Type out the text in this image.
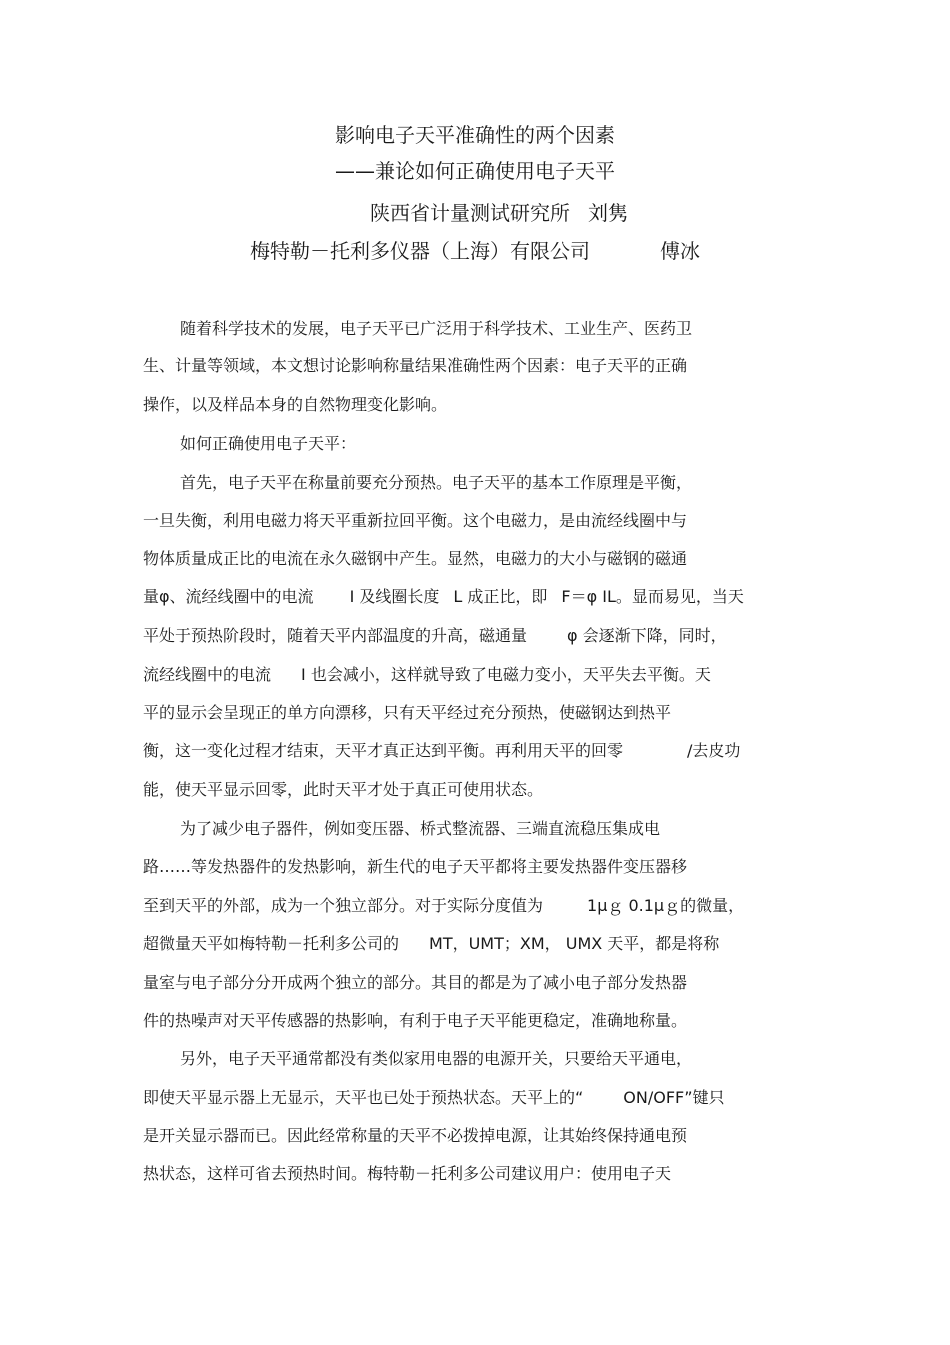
影响电子天平准确性的两个因素
——兼论如何正确使用电子天平
陕西省计量测试研究所 刘隽
梅特勒－托利多仪器（上海）有限公司	傅冰
随着科学技术的发展，电子天平已广泛用于科学技术、工业生产、医药卫
生、计量等领域，本文想讨论影响称量结果准确性两个因素：电子天平的正确
操作，以及样品本身的自然物理变化影响。
如何正确使用电子天平：
首先，电子天平在称量前要充分预热。电子天平的基本工作原理是平衡，
一旦失衡，利用电磁力将天平重新拉回平衡。这个电磁力，是由流经线圈中与
物体质量成正比的电流在永久磁钢中产生。显然，电磁力的大小与磁钢的磁通
量φ、流经线圈中的电流 I 及线圈长度 L 成正比，即 F＝φ IL。显而易见，当天
平处于预热阶段时，随着天平内部温度的升高，磁通量	φ 会逐渐下降，同时，
流经线圈中的电流 I 也会减小，这样就导致了电磁力变小，天平失去平衡。天
平的显示会呈现正的单方向漂移，只有天平经过充分预热，使磁钢达到热平
衡，这一变化过程才结束，天平才真正达到平衡。再利用天平的回零	/去皮功
能，使天平显示回零，此时天平才处于真正可使用状态。
为了减少电子器件，例如变压器、桥式整流器、三端直流稳压集成电
路……等发热器件的发热影响，新生代的电子天平都将主要发热器件变压器移
至到天平的外部，成为一个独立部分。对于实际分度值为	1μｇ 0.1μｇ的微量，
超微量天平如梅特勒－托利多公司的 MT，UMT；XM， UMX 天平，都是将称
量室与电子部分分开成两个独立的部分。其目的都是为了减小电子部分发热器
件的热噪声对天平传感器的热影响，有利于电子天平能更稳定，准确地称量。
另外，电子天平通常都没有类似家用电器的电源开关，只要给天平通电，
即使天平显示器上无显示，天平也已处于预热状态。天平上的“	ON/OFF”键只
是开关显示器而已。因此经常称量的天平不必拨掉电源，让其始终保持通电预
热状态，这样可省去预热时间。梅特勒－托利多公司建议用户：使用电子天
